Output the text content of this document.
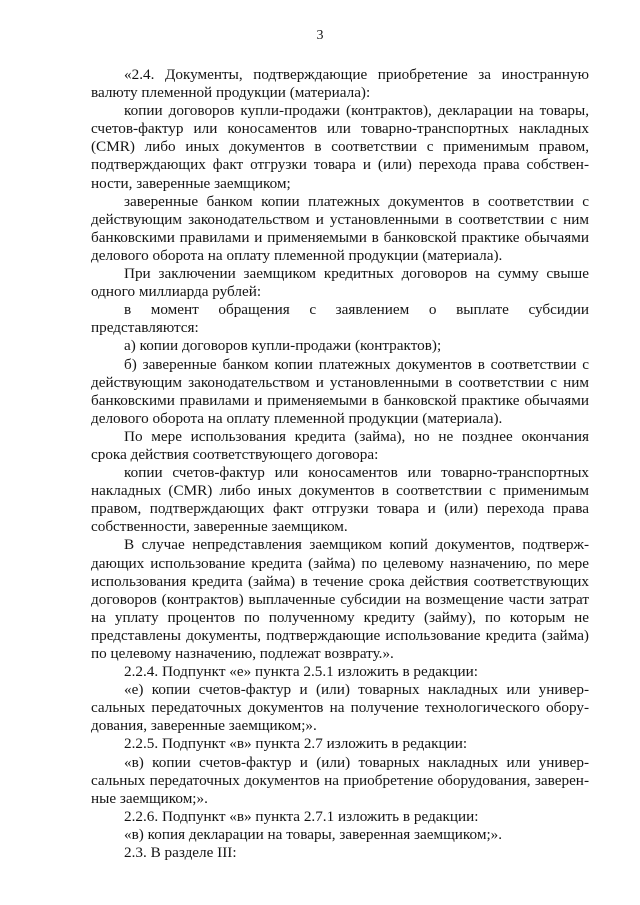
3

«2.4. Документы, подтверждающие приобретение за иностранную валюту племенной продукции (материала):

копии договоров купли-продажи (контрактов), декларации на товары, счетов-фактур или коносаментов или товарно-транспортных накладных (CMR) либо иных документов в соответствии с применимым правом, подтверждающих факт отгрузки товара и (или) перехода права собственности, заверенные заемщиком;

заверенные банком копии платежных документов в соответствии с действующим законодательством и установленными в соответствии с ним банковскими правилами и применяемыми в банковской практике обычаями делового оборота на оплату племенной продукции (материала).

При заключении заемщиком кредитных договоров на сумму свыше одного миллиарда рублей:

в момент обращения с заявлением о выплате субсидии представляются:

а) копии договоров купли-продажи (контрактов);

б) заверенные банком копии платежных документов в соответствии с действующим законодательством и установленными в соответствии с ним банковскими правилами и применяемыми в банковской практике обычаями делового оборота на оплату племенной продукции (материала).

По мере использования кредита (займа), но не позднее окончания срока действия соответствующего договора:

копии счетов-фактур или коносаментов или товарно-транспортных накладных (CMR) либо иных документов в соответствии с применимым правом, подтверждающих факт отгрузки товара и (или) перехода права собственности, заверенные заемщиком.

В случае непредставления заемщиком копий документов, подтверждающих использование кредита (займа) по целевому назначению, по мере использования кредита (займа) в течение срока действия соответствующих договоров (контрактов) выплаченные субсидии на возмещение части затрат на уплату процентов по полученному кредиту (займу), по которым не представлены документы, подтверждающие использование кредита (займа) по целевому назначению, подлежат возврату.».

2.2.4. Подпункт «е» пункта 2.5.1 изложить в редакции:

«е) копии счетов-фактур и (или) товарных накладных или универсальных передаточных документов на получение технологического оборудования, заверенные заемщиком;».

2.2.5. Подпункт «в» пункта 2.7 изложить в редакции:

«в) копии счетов-фактур и (или) товарных накладных или универсальных передаточных документов на приобретение оборудования, заверенные заемщиком;».

2.2.6. Подпункт «в» пункта 2.7.1 изложить в редакции:

«в) копия декларации на товары, заверенная заемщиком;».

2.3. В разделе III:
